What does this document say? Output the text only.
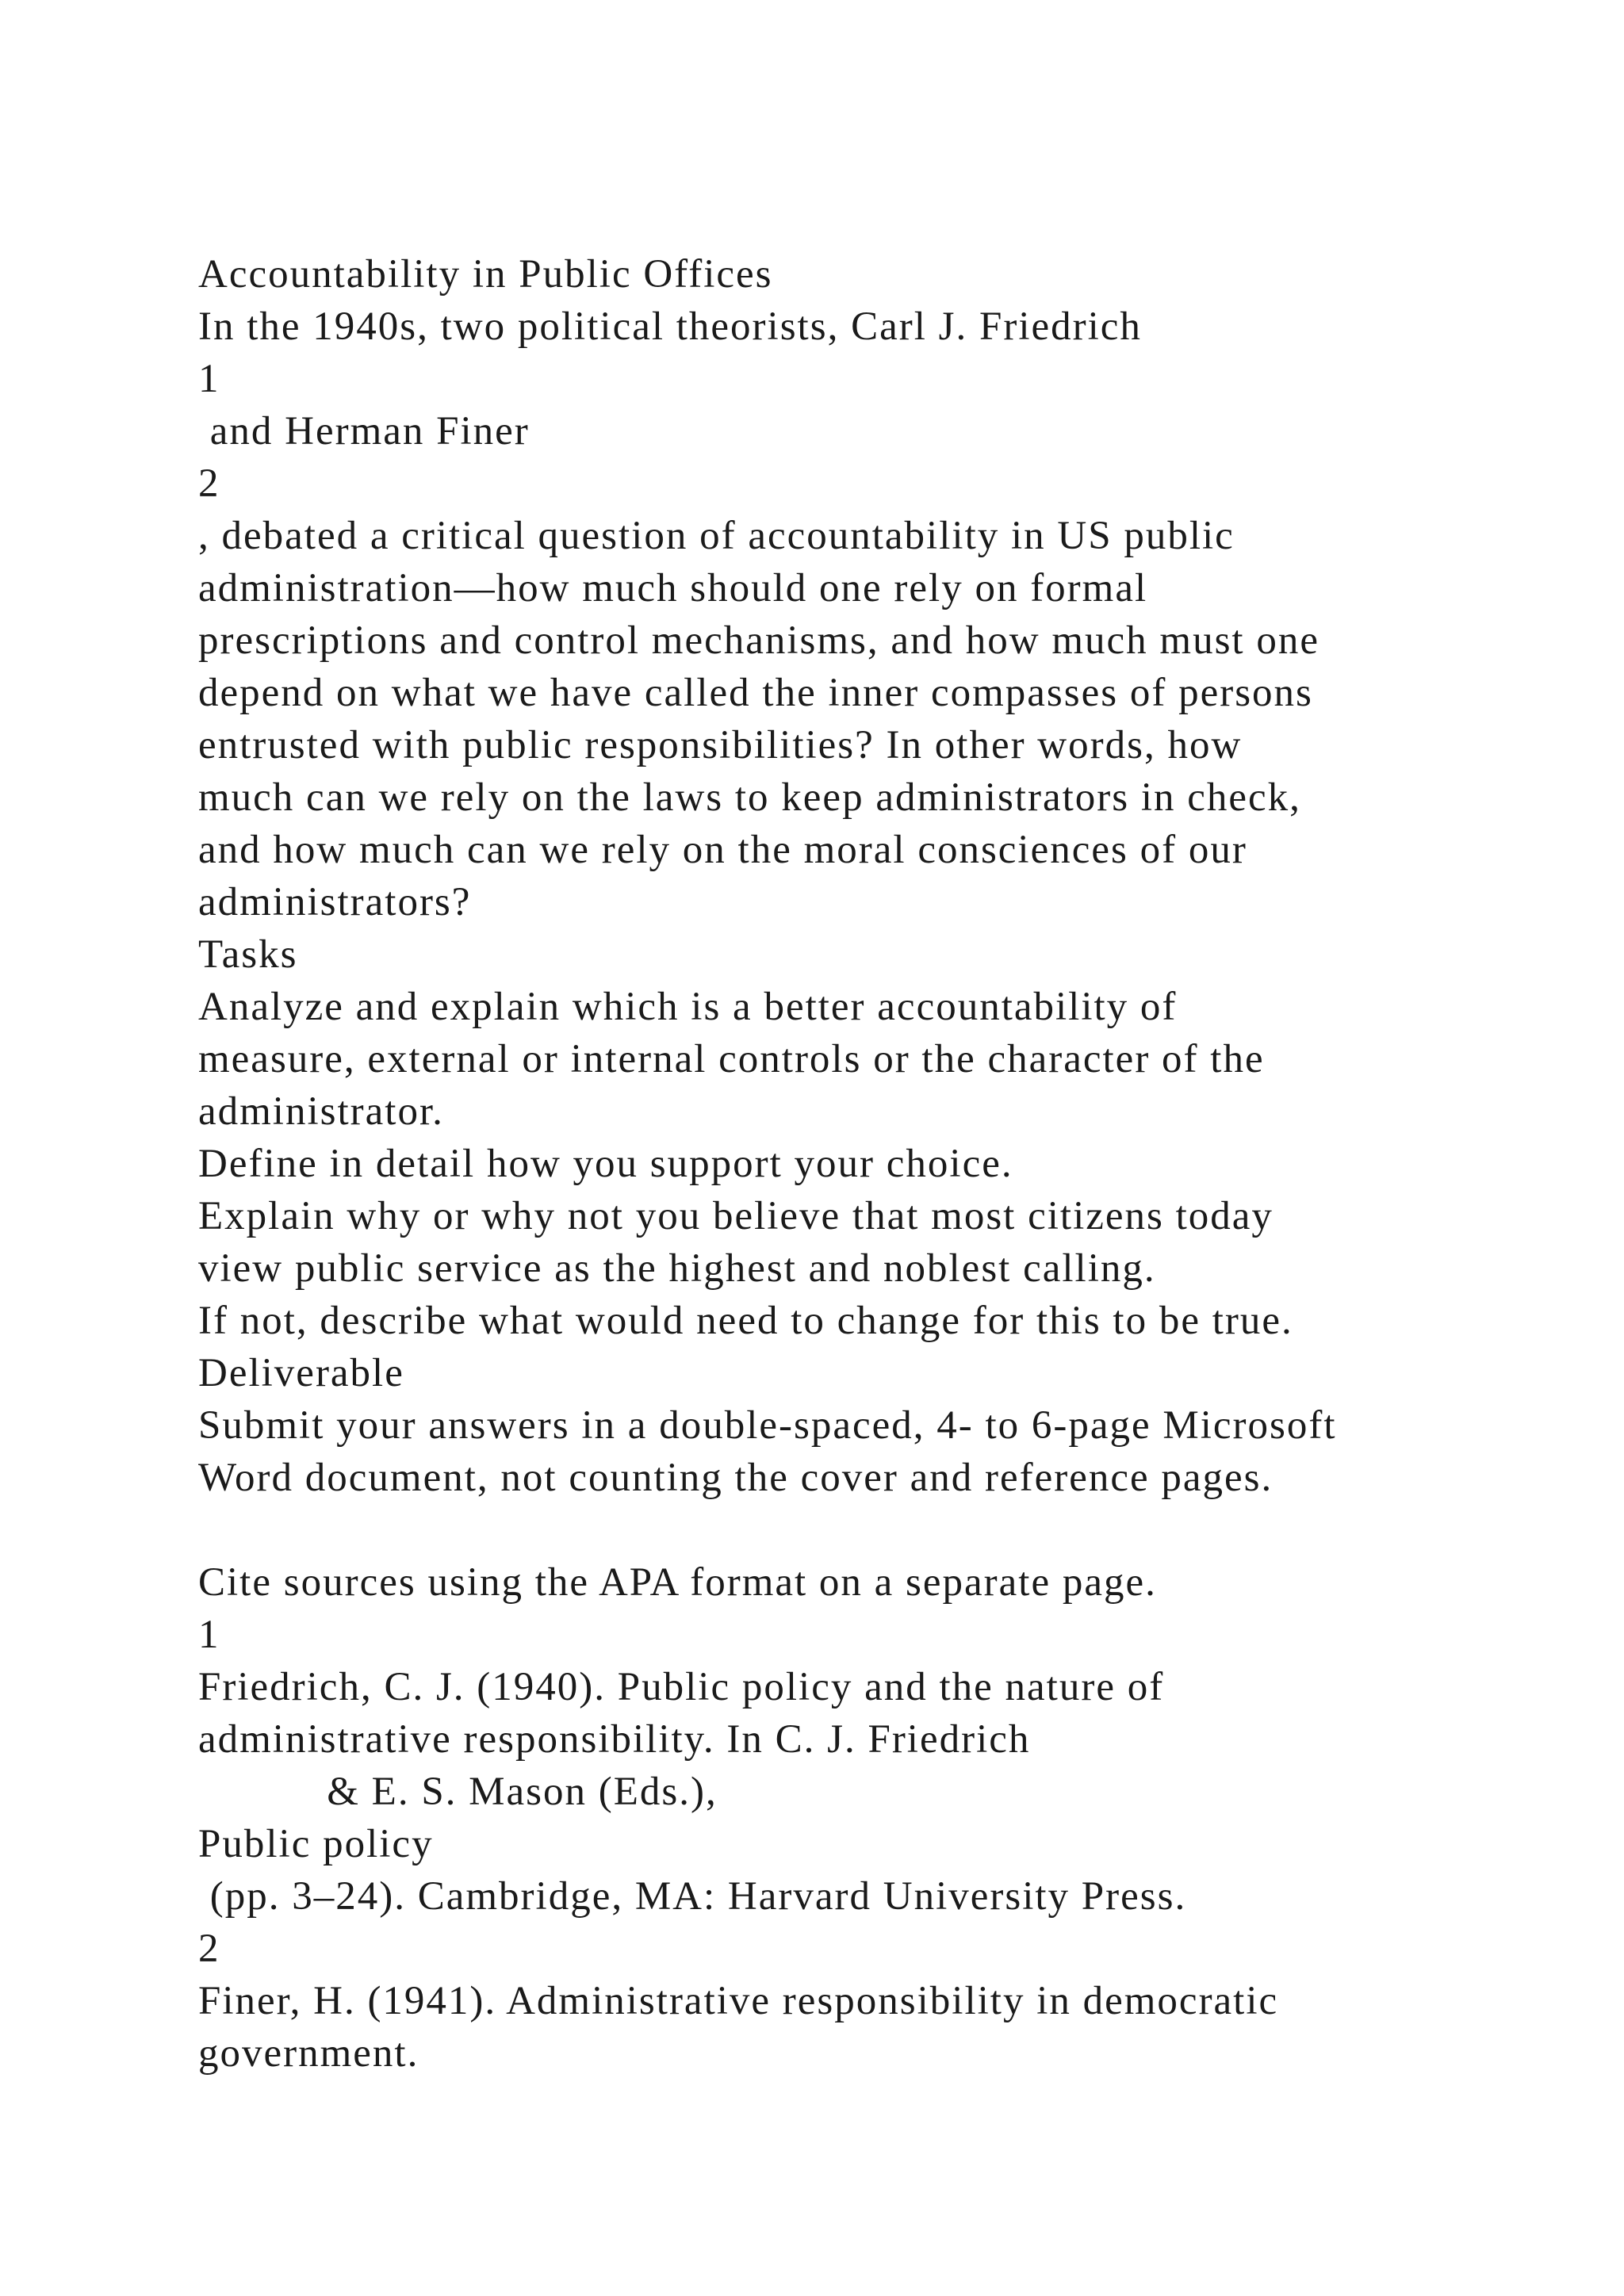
Accountability in Public Offices
In the 1940s, two political theorists, Carl J. Friedrich
1
and Herman Finer
2
, debated a critical question of accountability in US public
administration—how much should one rely on formal
prescriptions and control mechanisms, and how much must one
depend on what we have called the inner compasses of persons
entrusted with public responsibilities? In other words, how
much can we rely on the laws to keep administrators in check,
and how much can we rely on the moral consciences of our
administrators?
Tasks
Analyze and explain which is a better accountability of
measure, external or internal controls or the character of the
administrator.
Define in detail how you support your choice.
Explain why or why not you believe that most citizens today
view public service as the highest and noblest calling.
If not, describe what would need to change for this to be true.
Deliverable
Submit your answers in a double-spaced, 4- to 6-page Microsoft
Word document, not counting the cover and reference pages.
Cite sources using the APA format on a separate page.
1
Friedrich, C. J. (1940). Public policy and the nature of
administrative responsibility. In C. J. Friedrich
& E. S. Mason (Eds.),
Public policy
(pp. 3–24). Cambridge, MA: Harvard University Press.
2
Finer, H. (1941). Administrative responsibility in democratic
government.
